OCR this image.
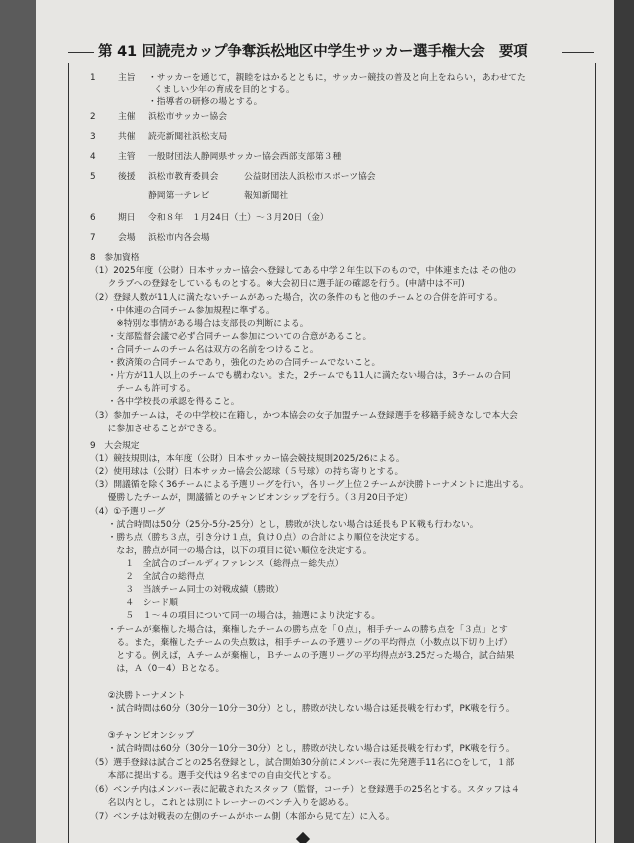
第 41 回読売カップ争奪浜松地区中学生サッカー選手権大会　要項
1	主旨 ・サッカーを通じて，親睦をはかるとともに，サッカー競技の普及と向上をねらい，あわせてた
くましい少年の育成を目的とする。
・指導者の研修の場とする。
2	主催 浜松市サッカー協会
3	共催 読売新聞社浜松支局
4	主管 一般財団法人静岡県サッカー協会西部支部第３種
5	後援 浜松市教育委員会	公益財団法人浜松市スポーツ協会
静岡第一テレビ	報知新聞社
6	期日 令和８年　１月24日（土）～３月20日（金）
7	会場 浜松市内各会場
8　参加資格
（1）2025年度（公財）日本サッカー協会へ登録してある中学２年生以下のもので，中体連または その他の
　　クラブへの登録をしているものとする。※大会初日に選手証の確認を行う。(申請中は不可)
（2）登録人数が11人に満たないチームがあった場合，次の条件のもと他のチームとの合併を許可する。
　　・中体連の合同チーム参加規程に準ずる。
　　　※特別な事情がある場合は支部長の判断による。
　　・支部監督会議で必ず合同チーム参加についての合意があること。
　　・合同チームのチーム名は双方の名前をつけること。
　　・救済策の合同チームであり，強化のための合同チームでないこと。
　　・片方が11人以上のチームでも構わない。また，2チームでも11人に満たない場合は，3チームの合同
　　　チームも許可する。
　　・各中学校長の承認を得ること。
（3）参加チームは，その中学校に在籍し，かつ本協会の女子加盟チーム登録選手を移籍手続きなしで本大会
　　に参加させることができる。
9　大会規定
（1）競技規則は，本年度（公財）日本サッカー協会競技規則2025/26による。
（2）使用球は（公財）日本サッカー協会公認球（５号球）の持ち寄りとする。
（3）開議循を除く36チームによる予選リーグを行い，各リーグ上位２チームが決勝トーナメントに進出する。
　　優勝したチームが，開議循とのチャンピオンシップを行う。（３月20日予定）
（4）①予選リーグ
　　・試合時間は50分（25分-5分-25分）とし，勝敗が決しない場合は延長もＰＫ戦も行わない。
　　・勝ち点（勝ち３点，引き分け１点，負け０点）の合計により順位を決定する。
　　　なお，勝点が同一の場合は，以下の項目に従い順位を決定する。
　　　　１　全試合のゴールディファレンス（総得点－総失点）
　　　　２　全試合の総得点
　　　　３　当該チーム同士の対戦成績（勝敗）
　　　　４　シード順
　　　　５　１～４の項目について同一の場合は，抽選により決定する。
　　・チームが棄権した場合は，棄権したチームの勝ち点を「０点」，相手チームの勝ち点を「３点」とす
　　　る。また，棄権したチームの失点数は，相手チームの予選リーグの平均得点（小数点以下切り上げ）
　　　とする。例えば，Ａチームが棄権し，Ｂチームの予選リーグの平均得点が3.25だった場合，試合結果
　　　は，Ａ（0－4）Ｂとなる。
　　②決勝トーナメント
　　・試合時間は60分（30分－10分－30分）とし，勝敗が決しない場合は延長戦を行わず，PK戦を行う。
　　③チャンピオンシップ
　　・試合時間は60分（30分－10分－30分）とし，勝敗が決しない場合は延長戦を行わず，PK戦を行う。
（5）選手登録は試合ごとの25名登録とし，試合開始30分前にメンバー表に先発選手11名に○をして，１部
　　本部に提出する。選手交代は９名までの自由交代とする。
（6）ベンチ内はメンバー表に記載されたスタッフ（監督，コーチ）と登録選手の25名とする。スタッフは４
　　名以内とし，これとは別にトレーナーのベンチ入りを認める。
（7）ベンチは対戦表の左側のチームがホーム側（本部から見て左）に入る。
